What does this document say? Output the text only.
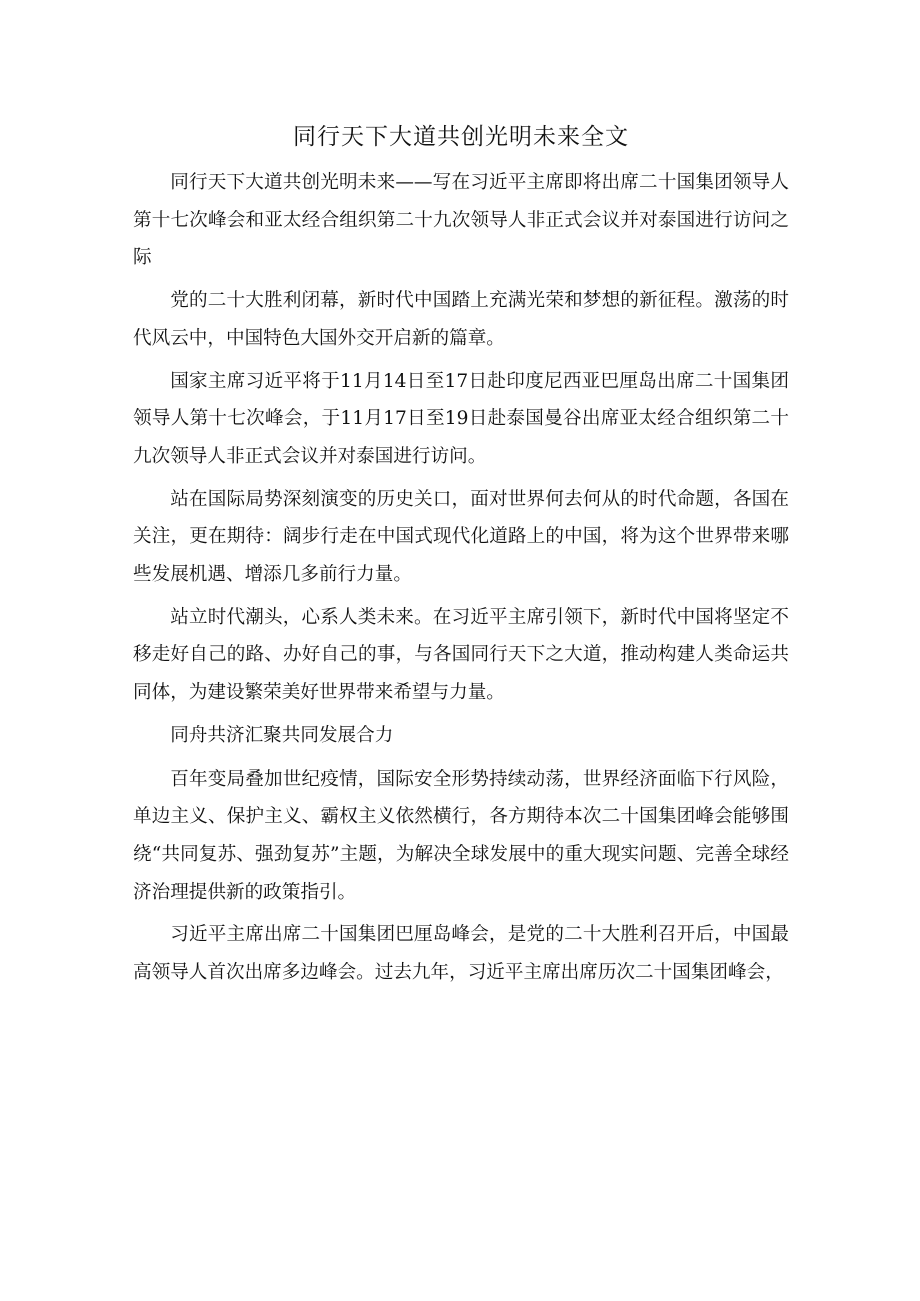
同行天下大道共创光明未来全文

同行天下大道共创光明未来——写在习近平主席即将出席二十国集团领导人第十七次峰会和亚太经合组织第二十九次领导人非正式会议并对泰国进行访问之际

党的二十大胜利闭幕，新时代中国踏上充满光荣和梦想的新征程。激荡的时代风云中，中国特色大国外交开启新的篇章。

国家主席习近平将于11月14日至17日赴印度尼西亚巴厘岛出席二十国集团领导人第十七次峰会，于11月17日至19日赴泰国曼谷出席亚太经合组织第二十九次领导人非正式会议并对泰国进行访问。

站在国际局势深刻演变的历史关口，面对世界何去何从的时代命题，各国在关注，更在期待：阔步行走在中国式现代化道路上的中国，将为这个世界带来哪些发展机遇、增添几多前行力量。

站立时代潮头，心系人类未来。在习近平主席引领下，新时代中国将坚定不移走好自己的路、办好自己的事，与各国同行天下之大道，推动构建人类命运共同体，为建设繁荣美好世界带来希望与力量。

同舟共济汇聚共同发展合力

百年变局叠加世纪疫情，国际安全形势持续动荡，世界经济面临下行风险，单边主义、保护主义、霸权主义依然横行，各方期待本次二十国集团峰会能够围绕“共同复苏、强劲复苏”主题，为解决全球发展中的重大现实问题、完善全球经济治理提供新的政策指引。

习近平主席出席二十国集团巴厘岛峰会，是党的二十大胜利召开后，中国最高领导人首次出席多边峰会。过去九年，习近平主席出席历次二十国集团峰会，
